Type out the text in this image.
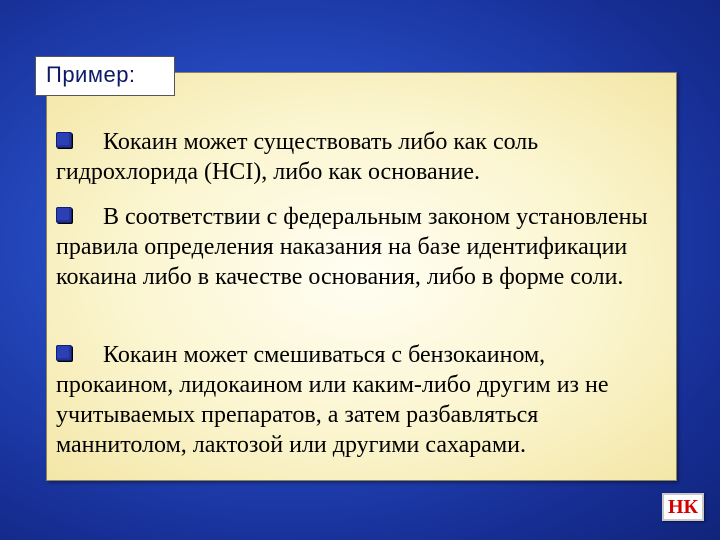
Пример:
Кокаин может существовать либо как соль гидрохлорида (HCI), либо как основание.
В соответствии с федеральным законом установлены правила определения наказания на базе идентификации кокаина либо в качестве основания, либо в форме соли.
Кокаин может смешиваться с бензокаином, прокаином, лидокаином или каким-либо другим из не учитываемых препаратов, а затем разбавляться маннитолом, лактозой или другими сахарами.
НК
